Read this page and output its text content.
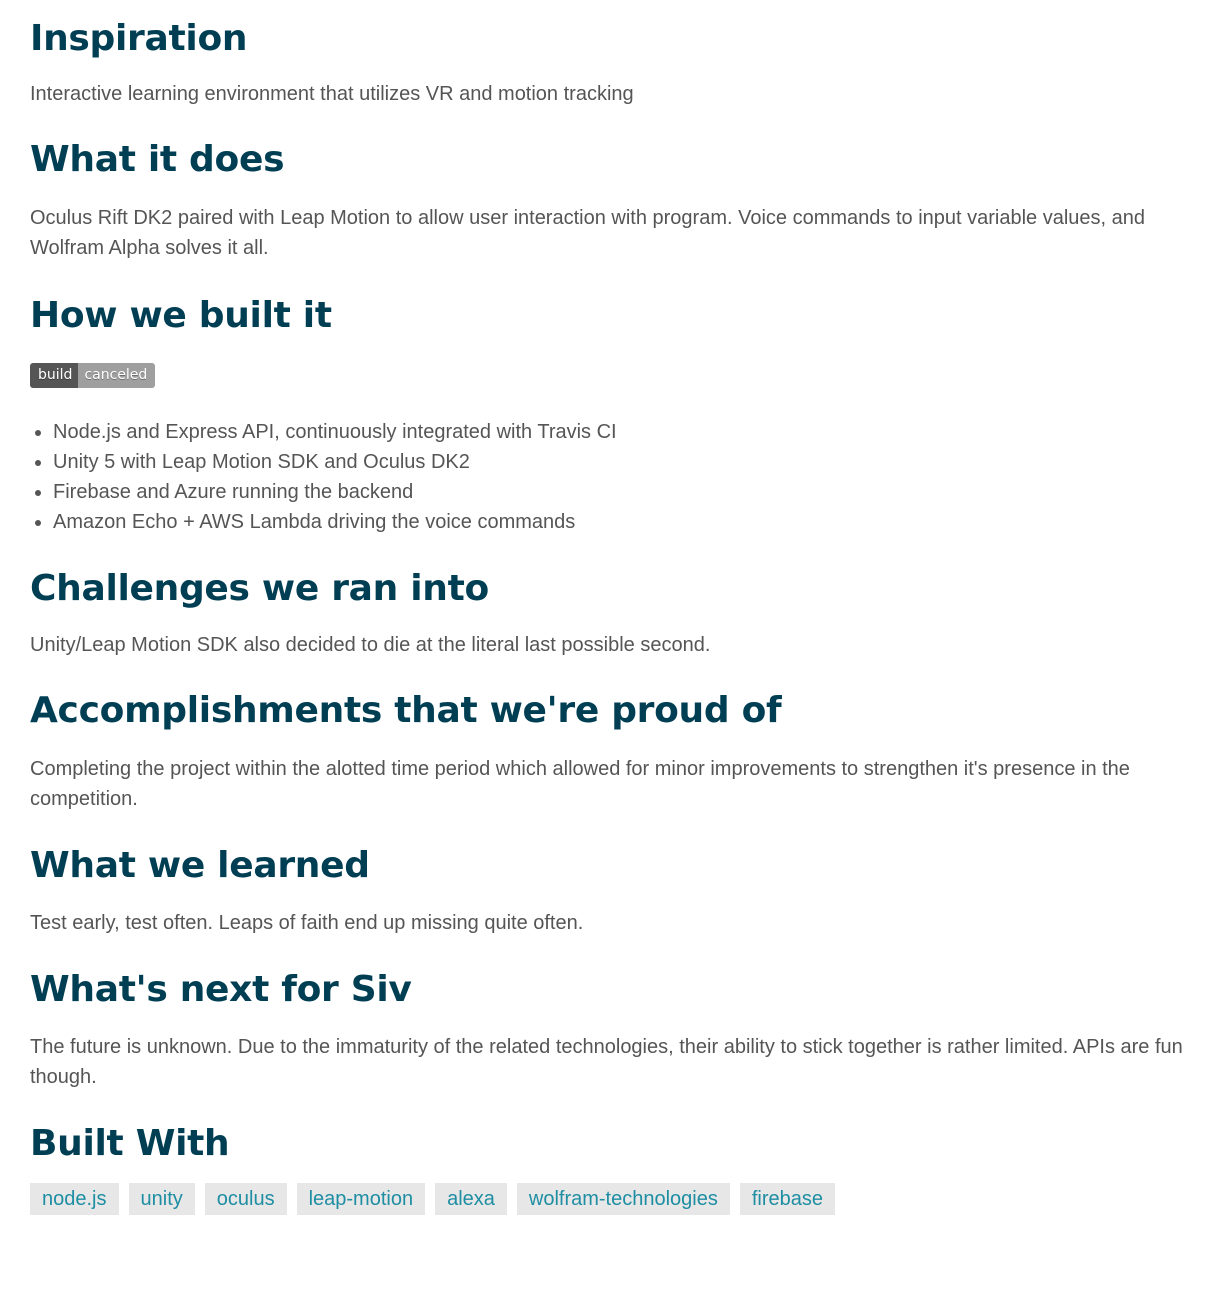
Inspiration

Interactive learning environment that utilizes VR and motion tracking

What it does

Oculus Rift DK2 paired with Leap Motion to allow user interaction with program. Voice commands to input variable values, and Wolfram Alpha solves it all.

How we built it
build canceled
• Node.js and Express API, continuously integrated with Travis CI
• Unity 5 with Leap Motion SDK and Oculus DK2
• Firebase and Azure running the backend
• Amazon Echo + AWS Lambda driving the voice commands
Challenges we ran into

Unity/Leap Motion SDK also decided to die at the literal last possible second.

Accomplishments that we're proud of

Completing the project within the alotted time period which allowed for minor improvements to strengthen it's presence in the competition.

What we learned

Test early, test often. Leaps of faith end up missing quite often.

What's next for Siv

The future is unknown. Due to the immaturity of the related technologies, their ability to stick together is rather limited. APIs are fun though.

Built With
node.js	unity	oculus	leap-motion	alexa	wolfram-technologies	firebase
